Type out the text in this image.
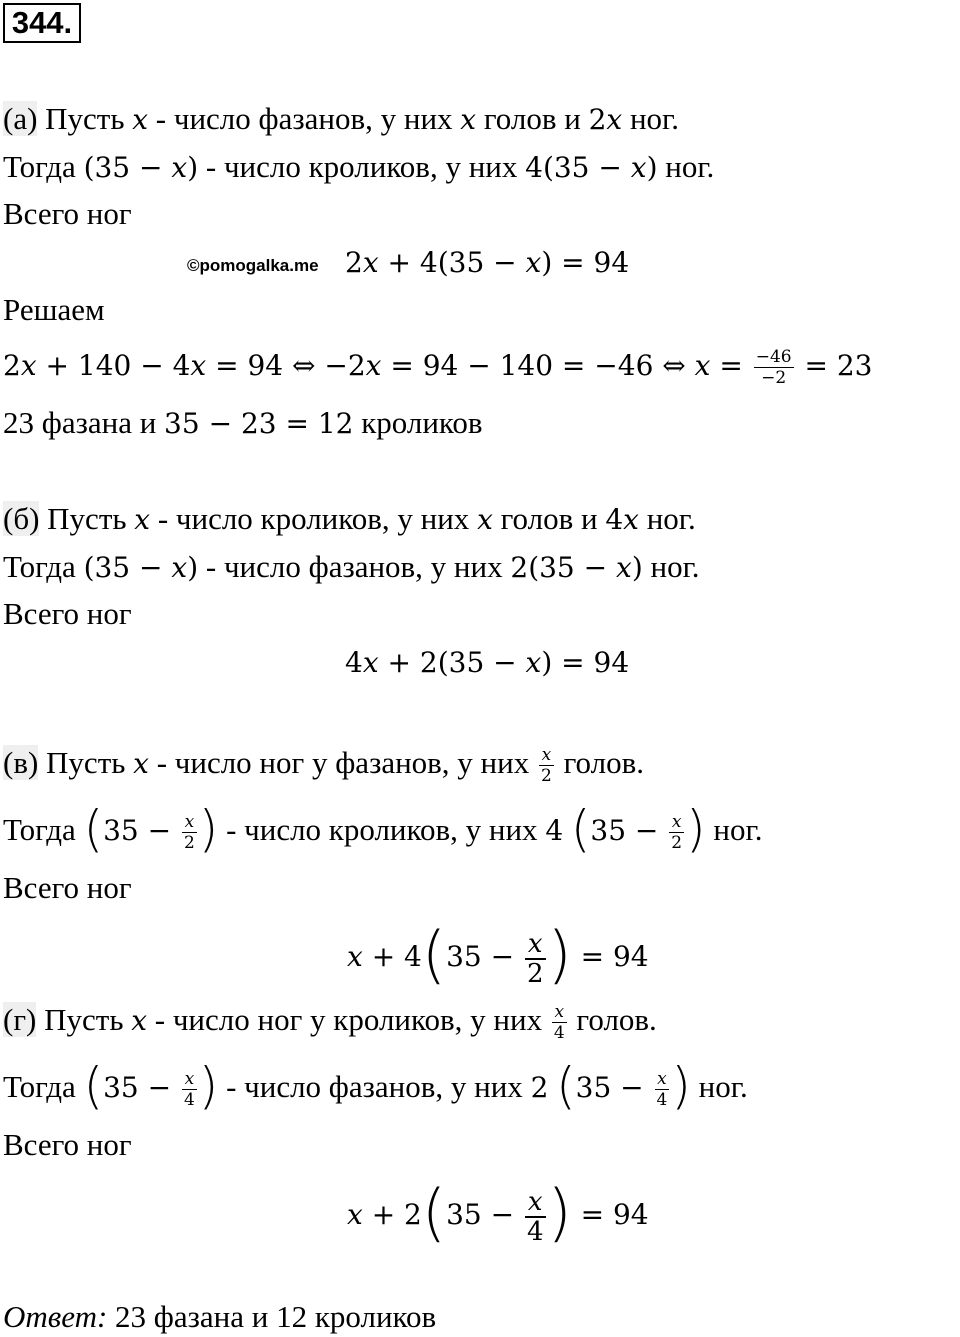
344.
(а) Пусть x - число фазанов, у них x голов и 2x ног.
Тогда (35 − x) - число кроликов, у них 4(35 − x) ног.
Всего ног
©pomogalka.me 2x + 4(35 − x) = 94
Решаем
2x + 140 − 4x = 94 ⇔ −2x = 94 − 140 = −46 ⇔ $x = \frac{-46}{-2} = 23$
23 фазана и 35 − 23 = 12 кроликов
(б) Пусть x - число кроликов, у них x голов и 4x ног.
Тогда (35 − x) - число фазанов, у них 2(35 − x) ног.
Всего ног
4x + 2(35 − x) = 94
(в) Пусть x - число ног у фазанов, у них $\frac{x}{2}$ голов.
Тогда ($35 - \frac{x}{2}$ ) - число кроликов, у них 4 ($35 - \frac{x}{2}$ ) ног.
Всего ног
$x + 4(35 - \frac{x}{2}$ ) = 94
(г) Пусть x - число ног у кроликов, у них $\frac{x}{4}$ голов.
Тогда ($35 - \frac{x}{4}$ ) - число фазанов, у них 2 ($35 - \frac{x}{4}$ ) ног.
Всего ног
$x + 2(35 - \frac{x}{4}$ ) = 94
Ответ: 23 фазана и 12 кроликов
